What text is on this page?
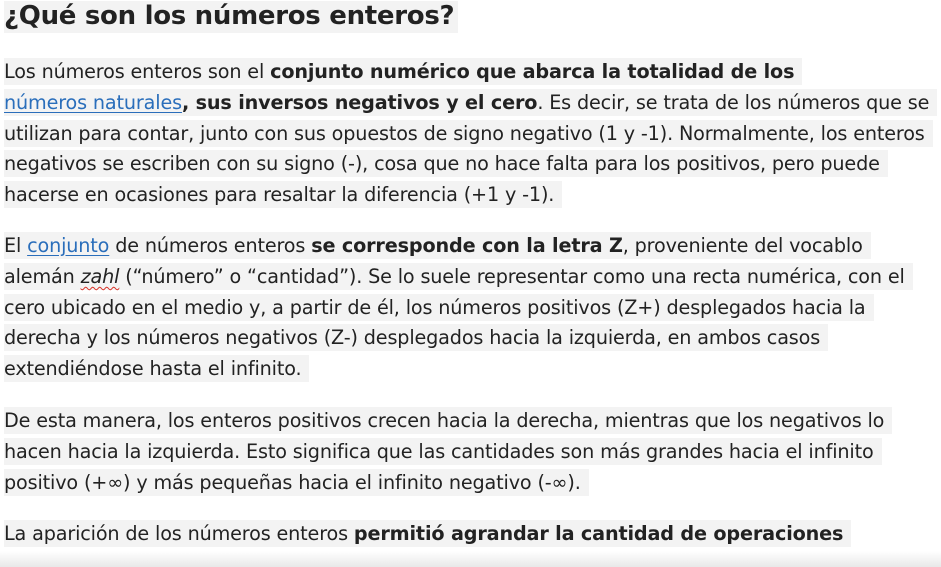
¿Qué son los números enteros?

Los números enteros son el conjunto numérico que abarca la totalidad de los
números naturales, sus inversos negativos y el cero. Es decir, se trata de los números que se utilizan para contar, junto con sus opuestos de signo negativo (1 y -1). Normalmente, los enteros negativos se escriben con su signo (-), cosa que no hace falta para los positivos, pero puede hacerse en ocasiones para resaltar la diferencia (+1 y -1).

El conjunto de números enteros se corresponde con la letra Z, proveniente del vocablo alemán zahl (“número” o “cantidad”). Se lo suele representar como una recta numérica, con el cero ubicado en el medio y, a partir de él, los números positivos (Z+) desplegados hacia la derecha y los números negativos (Z-) desplegados hacia la izquierda, en ambos casos extendiéndose hasta el infinito.

De esta manera, los enteros positivos crecen hacia la derecha, mientras que los negativos lo hacen hacia la izquierda. Esto significa que las cantidades son más grandes hacia el infinito positivo (+∞) y más pequeñas hacia el infinito negativo (-∞).

La aparición de los números enteros permitió agrandar la cantidad de operaciones
